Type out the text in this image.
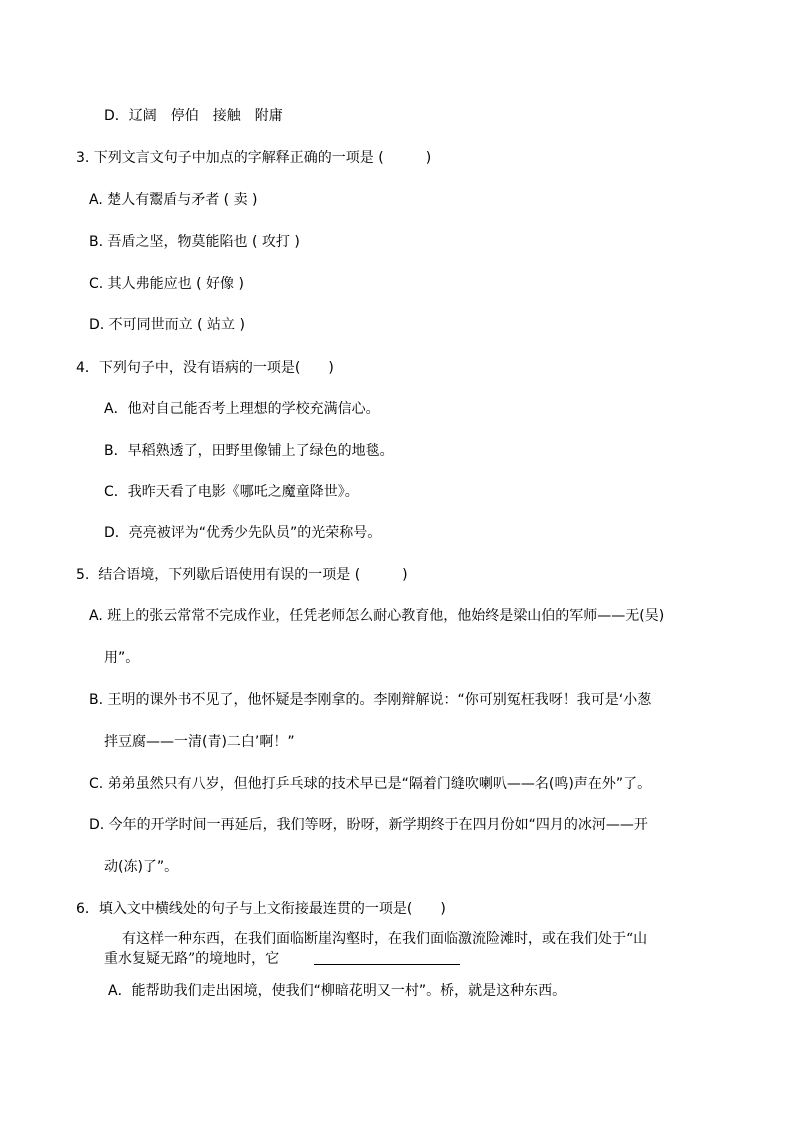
D．辽阔　停伯　接触　附庸
3. 下列文言文句子中加点的字解释正确的一项是 (　　　)
A. 楚人有鬻盾与矛者 ( 卖 )
B. 吾盾之坚，物莫能陷也 ( 攻打 )
C. 其人弗能应也 ( 好像 )
D. 不可同世而立 ( 站立 )
4．下列句子中，没有语病的一项是(　　)
A．他对自己能否考上理想的学校充满信心。
B．早稻熟透了，田野里像铺上了绿色的地毯。
C．我昨天看了电影《哪吒之魔童降世》。
D．亮亮被评为“优秀少先队员”的光荣称号。
5.  结合语境，下列歇后语使用有误的一项是 (　　　)
A. 班上的张云常常不完成作业，任凭老师怎么耐心教育他，他始终是梁山伯的军师——无(吴)
用”。
B. 王明的课外书不见了，他怀疑是李刚拿的。李刚辩解说：“你可别冤枉我呀！我可是‘小葱
拌豆腐——一清(青)二白’啊！”
C. 弟弟虽然只有八岁，但他打乒乓球的技术早已是“隔着门缝吹喇叭——名(鸣)声在外”了。
D. 今年的开学时间一再延后，我们等呀，盼呀，新学期终于在四月份如“四月的冰河——开
动(冻)了”。
6．填入文中横线处的句子与上文衔接最连贯的一项是(　　)
有这样一种东西，在我们面临断崖沟壑时，在我们面临激流险滩时，或在我们处于“山
重水复疑无路”的境地时，它
A．能帮助我们走出困境，使我们“柳暗花明又一村”。桥，就是这种东西。
